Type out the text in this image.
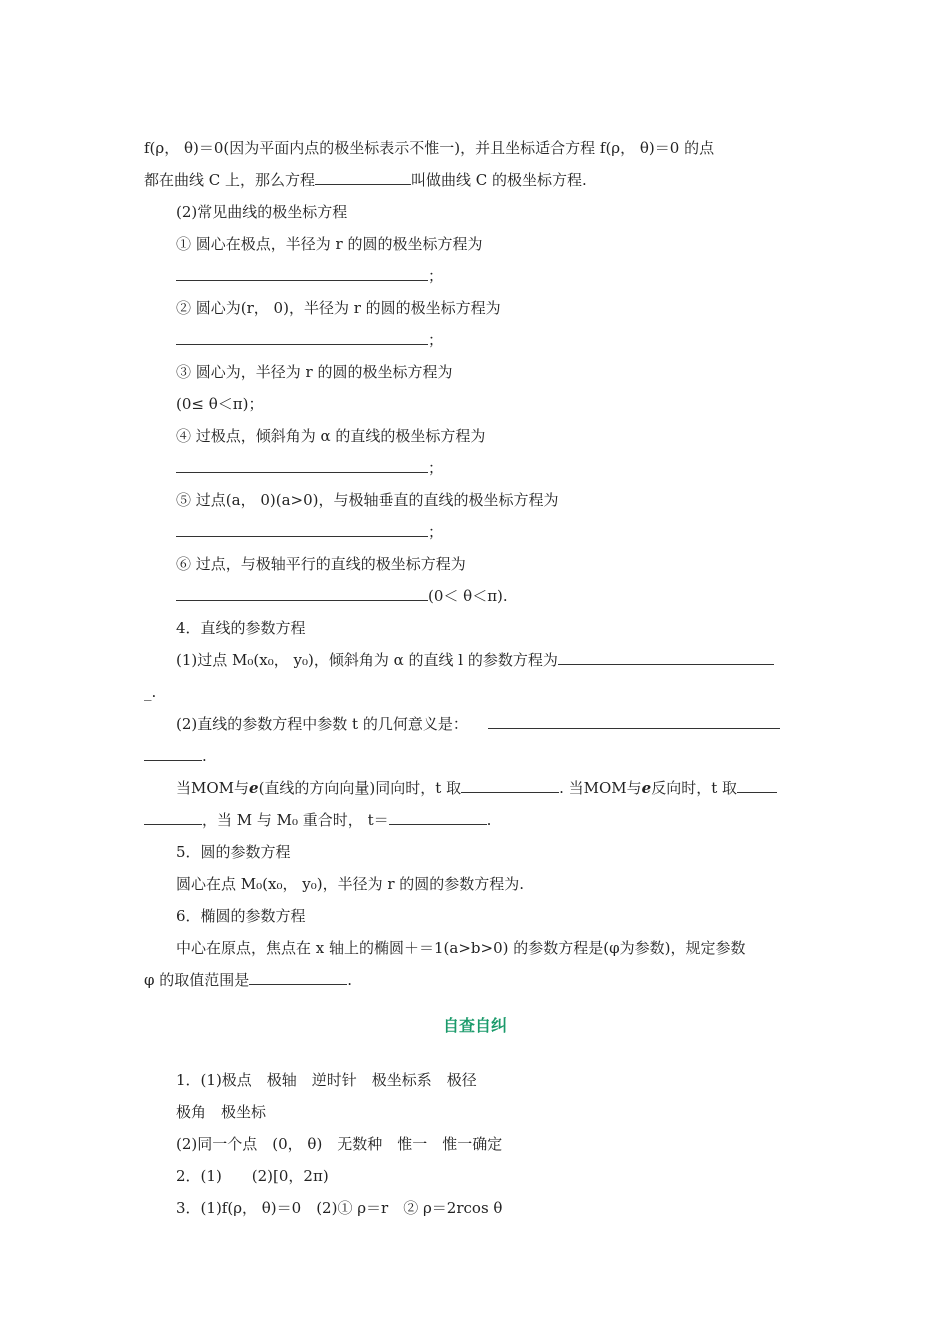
f(ρ， θ)＝0(因为平面内点的极坐标表示不惟一)，并且坐标适合方程 f(ρ， θ)＝0 的点
都在曲线 C 上，那么方程	叫做曲线 C 的极坐标方程.
(2)常见曲线的极坐标方程
① 圆心在极点，半径为 r 的圆的极坐标方程为
；
② 圆心为(r， 0)，半径为 r 的圆的极坐标方程为
；
③ 圆心为，半径为 r 的圆的极坐标方程为
(0≤ θ＜π)；
④ 过极点，倾斜角为 α 的直线的极坐标方程为
；
⑤ 过点(a， 0)(a>0)，与极轴垂直的直线的极坐标方程为
；
⑥ 过点，与极轴平行的直线的极坐标方程为
(0＜ θ＜π).
4．直线的参数方程
(1)过点 M₀(x₀， y₀)，倾斜角为 α 的直线 l 的参数方程为
_.
(2)直线的参数方程中参数 t 的几何意义是：
.
当MOM与e(直线的方向向量)同向时，t 取	. 当MOM与e反向时，t 取
，当 M 与 M₀ 重合时， t＝	.
5．圆的参数方程
圆心在点 M₀(x₀， y₀)，半径为 r 的圆的参数方程为.
6．椭圆的参数方程
中心在原点，焦点在 x 轴上的椭圆＋＝1(a>b>0) 的参数方程是(φ为参数)，规定参数
φ 的取值范围是	.
自查自纠
1．(1)极点　极轴　逆时针　极坐标系　极径
极角　极坐标
(2)同一个点　(0， θ)　无数种　惟一　惟一确定
2．(1)　　(2)[0，2π)
3．(1)f(ρ， θ)＝0　(2)① ρ＝r　② ρ＝2rcos θ
